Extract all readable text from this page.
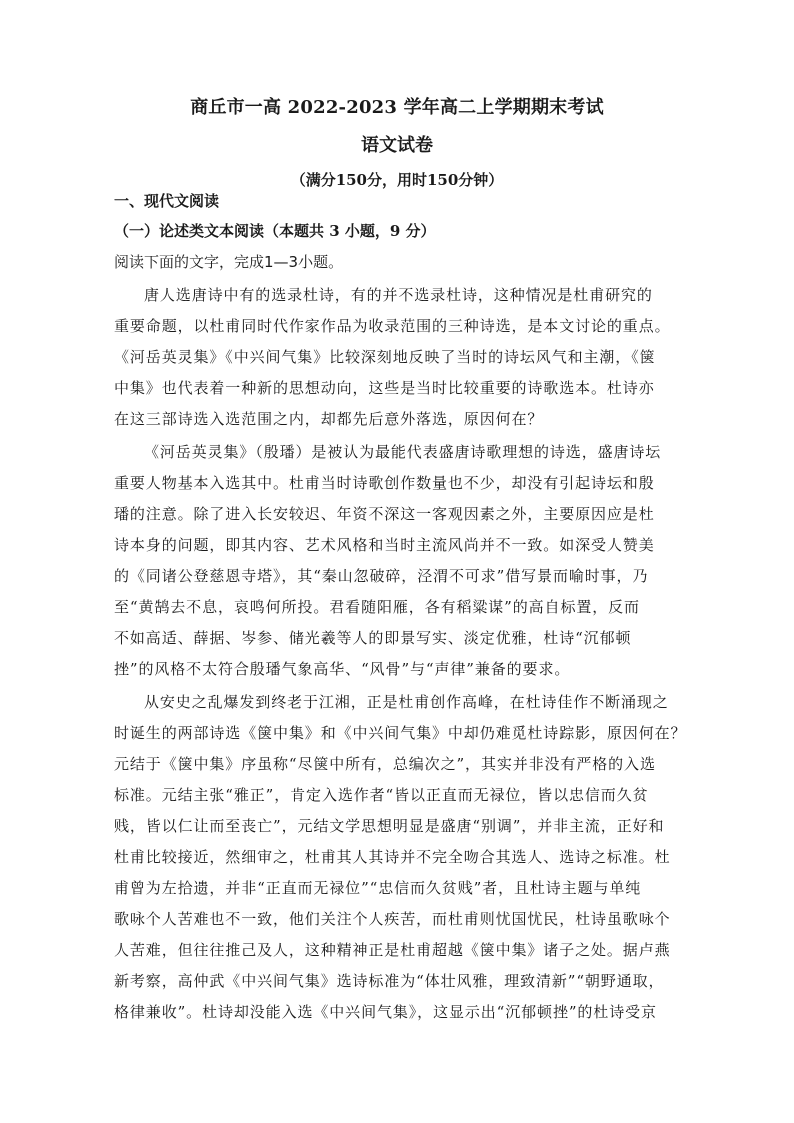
商丘市一高 2022-2023 学年高二上学期期末考试
语文试卷
（满分150分，用时150分钟）
一、现代文阅读
（一）论述类文本阅读（本题共 3 小题，9 分）
阅读下面的文字，完成1—3小题。
唐人选唐诗中有的选录杜诗，有的并不选录杜诗，这种情况是杜甫研究的
重要命题，以杜甫同时代作家作品为收录范围的三种诗选，是本文讨论的重点。
《河岳英灵集》《中兴间气集》比较深刻地反映了当时的诗坛风气和主潮，《箧
中集》也代表着一种新的思想动向，这些是当时比较重要的诗歌选本。杜诗亦
在这三部诗选入选范围之内，却都先后意外落选，原因何在？
《河岳英灵集》（殷璠）是被认为最能代表盛唐诗歌理想的诗选，盛唐诗坛
重要人物基本入选其中。杜甫当时诗歌创作数量也不少，却没有引起诗坛和殷
璠的注意。除了进入长安较迟、年资不深这一客观因素之外，主要原因应是杜
诗本身的问题，即其内容、艺术风格和当时主流风尚并不一致。如深受人赞美
的《同诸公登慈恩寺塔》，其“秦山忽破碎，泾渭不可求”借写景而喻时事，乃
至“黄鹄去不息，哀鸣何所投。君看随阳雁，各有稻粱谋”的高自标置，反而
不如高适、薛据、岑参、储光羲等人的即景写实、淡定优雅，杜诗“沉郁顿
挫”的风格不太符合殷璠气象高华、“风骨”与“声律”兼备的要求。
从安史之乱爆发到终老于江湘，正是杜甫创作高峰，在杜诗佳作不断涌现之
时诞生的两部诗选《箧中集》和《中兴间气集》中却仍难觅杜诗踪影，原因何在？
元结于《箧中集》序虽称“尽箧中所有，总编次之”，其实并非没有严格的入选
标准。元结主张“雅正”，肯定入选作者“皆以正直而无禄位，皆以忠信而久贫
贱，皆以仁让而至丧亡”，元结文学思想明显是盛唐“别调”，并非主流，正好和
杜甫比较接近，然细审之，杜甫其人其诗并不完全吻合其选人、选诗之标准。杜
甫曾为左拾遗，并非“正直而无禄位”“忠信而久贫贱”者，且杜诗主题与单纯
歌咏个人苦难也不一致，他们关注个人疾苦，而杜甫则忧国忧民，杜诗虽歌咏个
人苦难，但往往推己及人，这种精神正是杜甫超越《箧中集》诸子之处。据卢燕
新考察，高仲武《中兴间气集》选诗标准为“体壮风雅，理致清新”“朝野通取，
格律兼收”。杜诗却没能入选《中兴间气集》，这显示出“沉郁顿挫”的杜诗受京
